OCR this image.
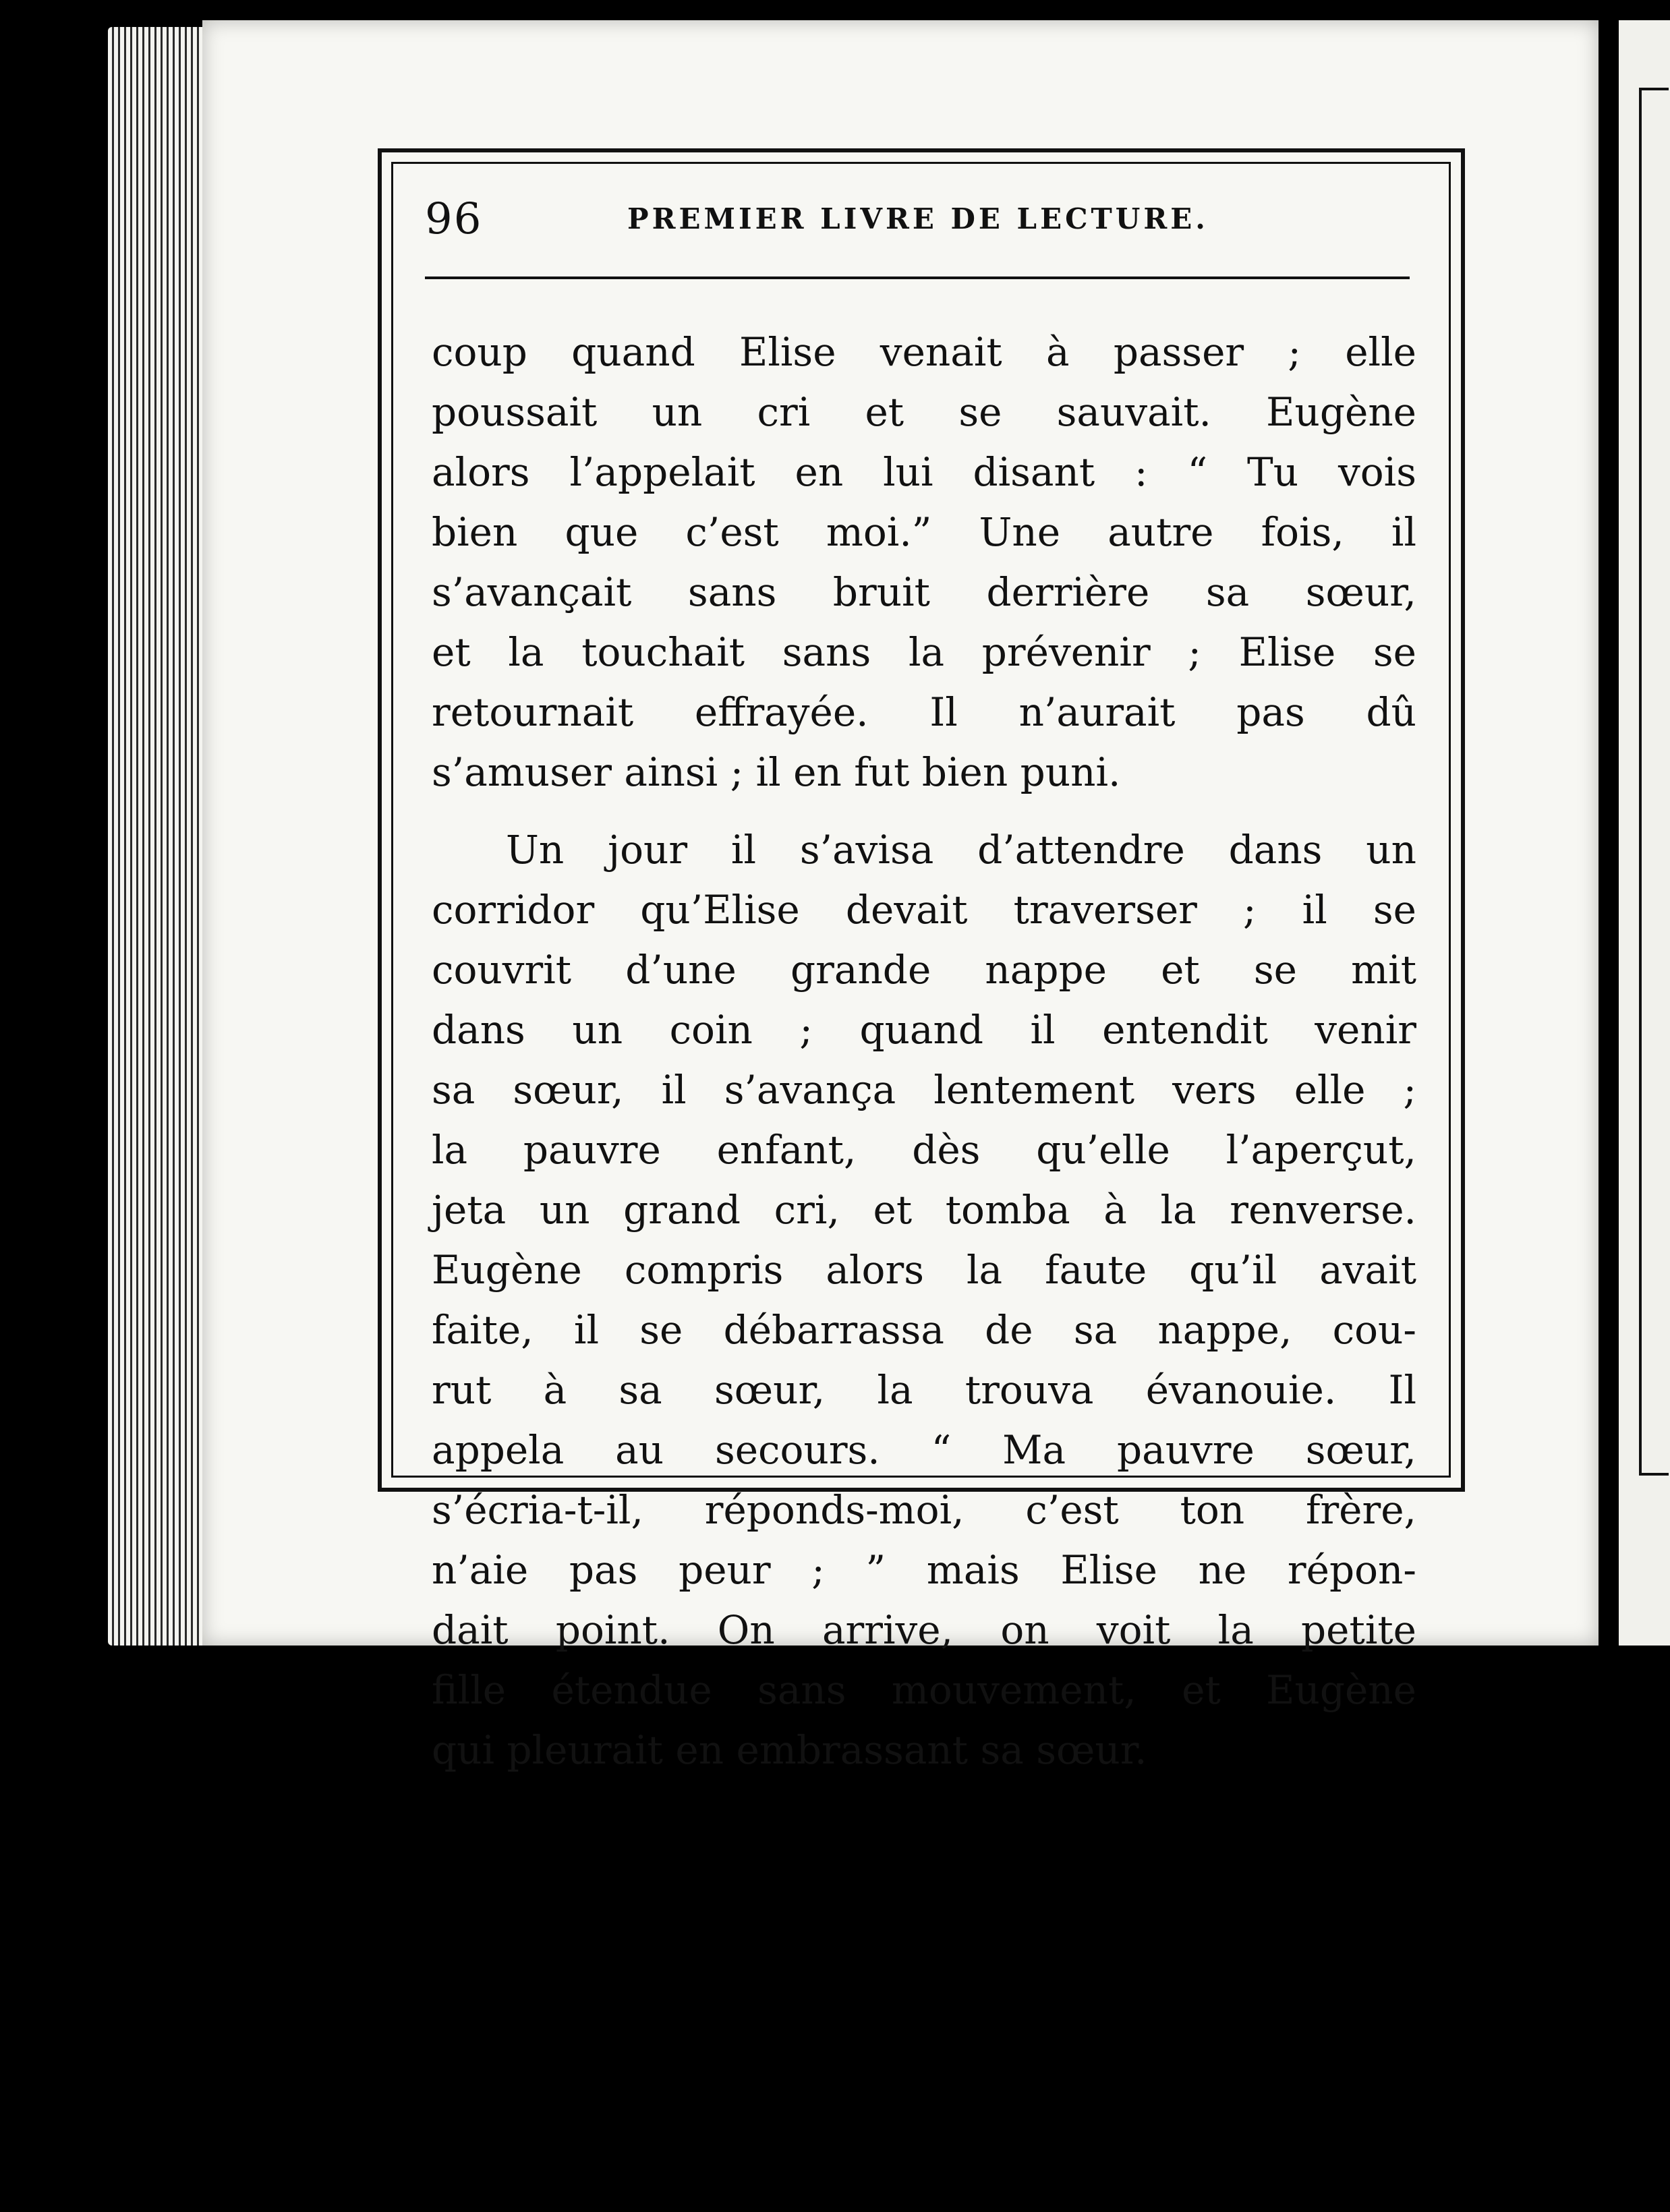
96	PREMIER LIVRE DE LECTURE.
coup quand Elise venait à passer ; elle
poussait un cri et se sauvait. Eugène
alors l’appelait en lui disant : “ Tu vois
bien que c’est moi.” Une autre fois, il
s’avançait sans bruit derrière sa sœur,
et la touchait sans la prévenir ; Elise se
retournait effrayée. Il n’aurait pas dû
s’amuser ainsi ; il en fut bien puni.
Un jour il s’avisa d’attendre dans un
corridor qu’Elise devait traverser ; il se
couvrit d’une grande nappe et se mit
dans un coin ; quand il entendit venir
sa sœur, il s’avança lentement vers elle ;
la pauvre enfant, dès qu’elle l’aperçut,
jeta un grand cri, et tomba à la renverse.
Eugène compris alors la faute qu’il avait
faite, il se débarrassa de sa nappe, cou-
rut à sa sœur, la trouva évanouie. Il
appela au secours. “ Ma pauvre sœur,
s’écria-t-il, réponds-moi, c’est ton frère,
n’aie pas peur ; ” mais Elise ne répon-
dait point. On arrive, on voit la petite
fille étendue sans mouvement, et Eugène
qui pleurait en embrassant sa sœur.
